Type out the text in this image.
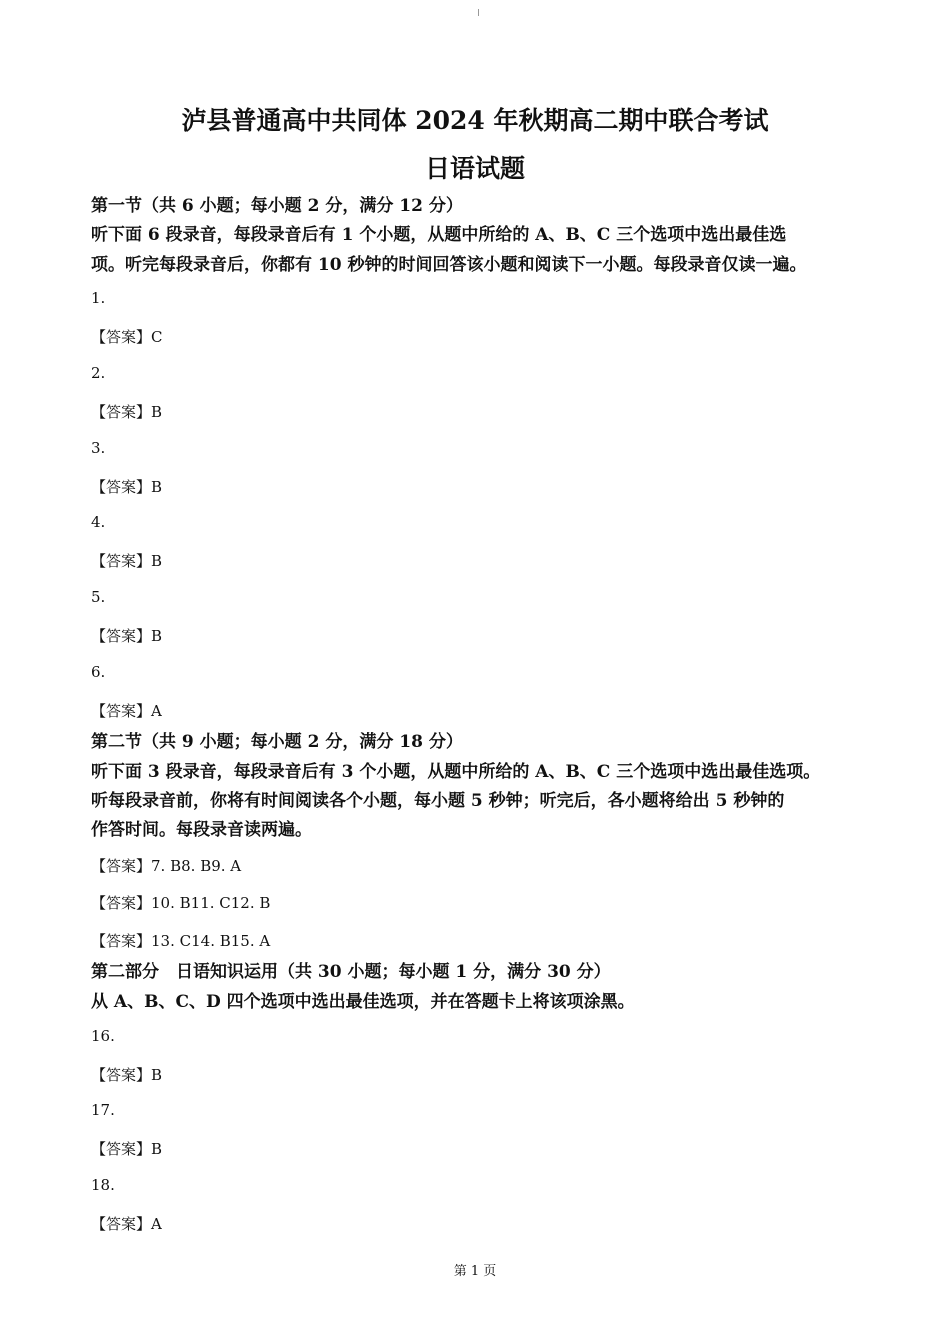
泸县普通高中共同体 2024 年秋期高二期中联合考试
日语试题
第一节（共 6 小题；每小题 2 分，满分 12 分）
听下面 6 段录音，每段录音后有 1 个小题，从题中所给的 A、B、C 三个选项中选出最佳选
项。听完每段录音后，你都有 10 秒钟的时间回答该小题和阅读下一小题。每段录音仅读一遍。
1.
【答案】C
2.
【答案】B
3.
【答案】B
4.
【答案】B
5.
【答案】B
6.
【答案】A
第二节（共 9 小题；每小题 2 分，满分 18 分）
听下面 3 段录音，每段录音后有 3 个小题，从题中所给的 A、B、C 三个选项中选出最佳选项。
听每段录音前，你将有时间阅读各个小题，每小题 5 秒钟；听完后，各小题将给出 5 秒钟的
作答时间。每段录音读两遍。
【答案】7. B8. B9. A
【答案】10. B11. C12. B
【答案】13. C14. B15. A
第二部分　日语知识运用（共 30 小题；每小题 1 分，满分 30 分）
从 A、B、C、D 四个选项中选出最佳选项，并在答题卡上将该项涂黑。
16.
【答案】B
17.
【答案】B
18.
【答案】A
第 1 页
